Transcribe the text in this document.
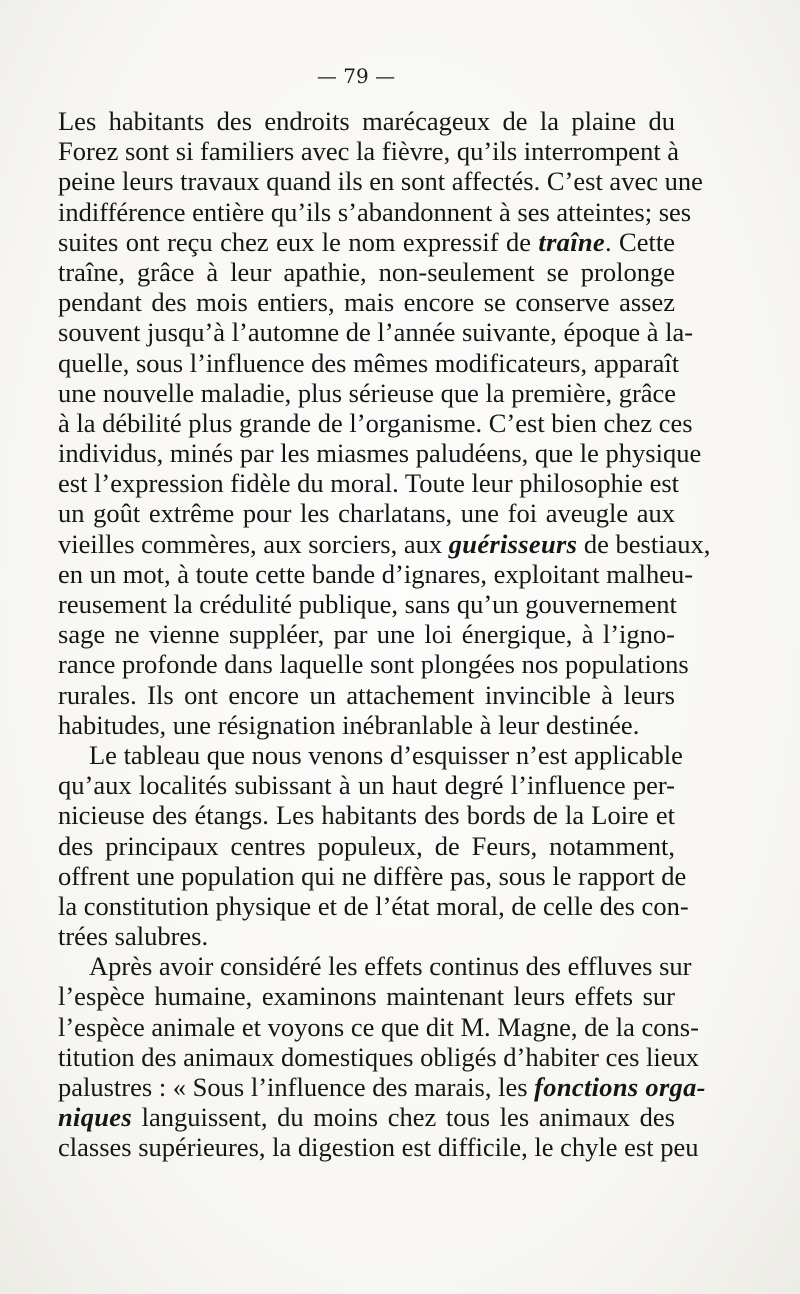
— 79 —
Les habitants des endroits marécageux de la plaine du
Forez sont si familiers avec la fièvre, qu’ils interrompent à
peine leurs travaux quand ils en sont affectés. C’est avec une
indifférence entière qu’ils s’abandonnent à ses atteintes; ses
suites ont reçu chez eux le nom expressif de traîne. Cette
traîne, grâce à leur apathie, non-seulement se prolonge
pendant des mois entiers, mais encore se conserve assez
souvent jusqu’à l’automne de l’année suivante, époque à la-
quelle, sous l’influence des mêmes modificateurs, apparaît
une nouvelle maladie, plus sérieuse que la première, grâce
à la débilité plus grande de l’organisme. C’est bien chez ces
individus, minés par les miasmes paludéens, que le physique
est l’expression fidèle du moral. Toute leur philosophie est
un goût extrême pour les charlatans, une foi aveugle aux
vieilles commères, aux sorciers, aux guérisseurs de bestiaux,
en un mot, à toute cette bande d’ignares, exploitant malheu-
reusement la crédulité publique, sans qu’un gouvernement
sage ne vienne suppléer, par une loi énergique, à l’igno-
rance profonde dans laquelle sont plongées nos populations
rurales. Ils ont encore un attachement invincible à leurs
habitudes, une résignation inébranlable à leur destinée.
Le tableau que nous venons d’esquisser n’est applicable
qu’aux localités subissant à un haut degré l’influence per-
nicieuse des étangs. Les habitants des bords de la Loire et
des principaux centres populeux, de Feurs, notamment,
offrent une population qui ne diffère pas, sous le rapport de
la constitution physique et de l’état moral, de celle des con-
trées salubres.
Après avoir considéré les effets continus des effluves sur
l’espèce humaine, examinons maintenant leurs effets sur
l’espèce animale et voyons ce que dit M. Magne, de la cons-
titution des animaux domestiques obligés d’habiter ces lieux
palustres : « Sous l’influence des marais, les fonctions orga-
niques languissent, du moins chez tous les animaux des
classes supérieures, la digestion est difficile, le chyle est peu
